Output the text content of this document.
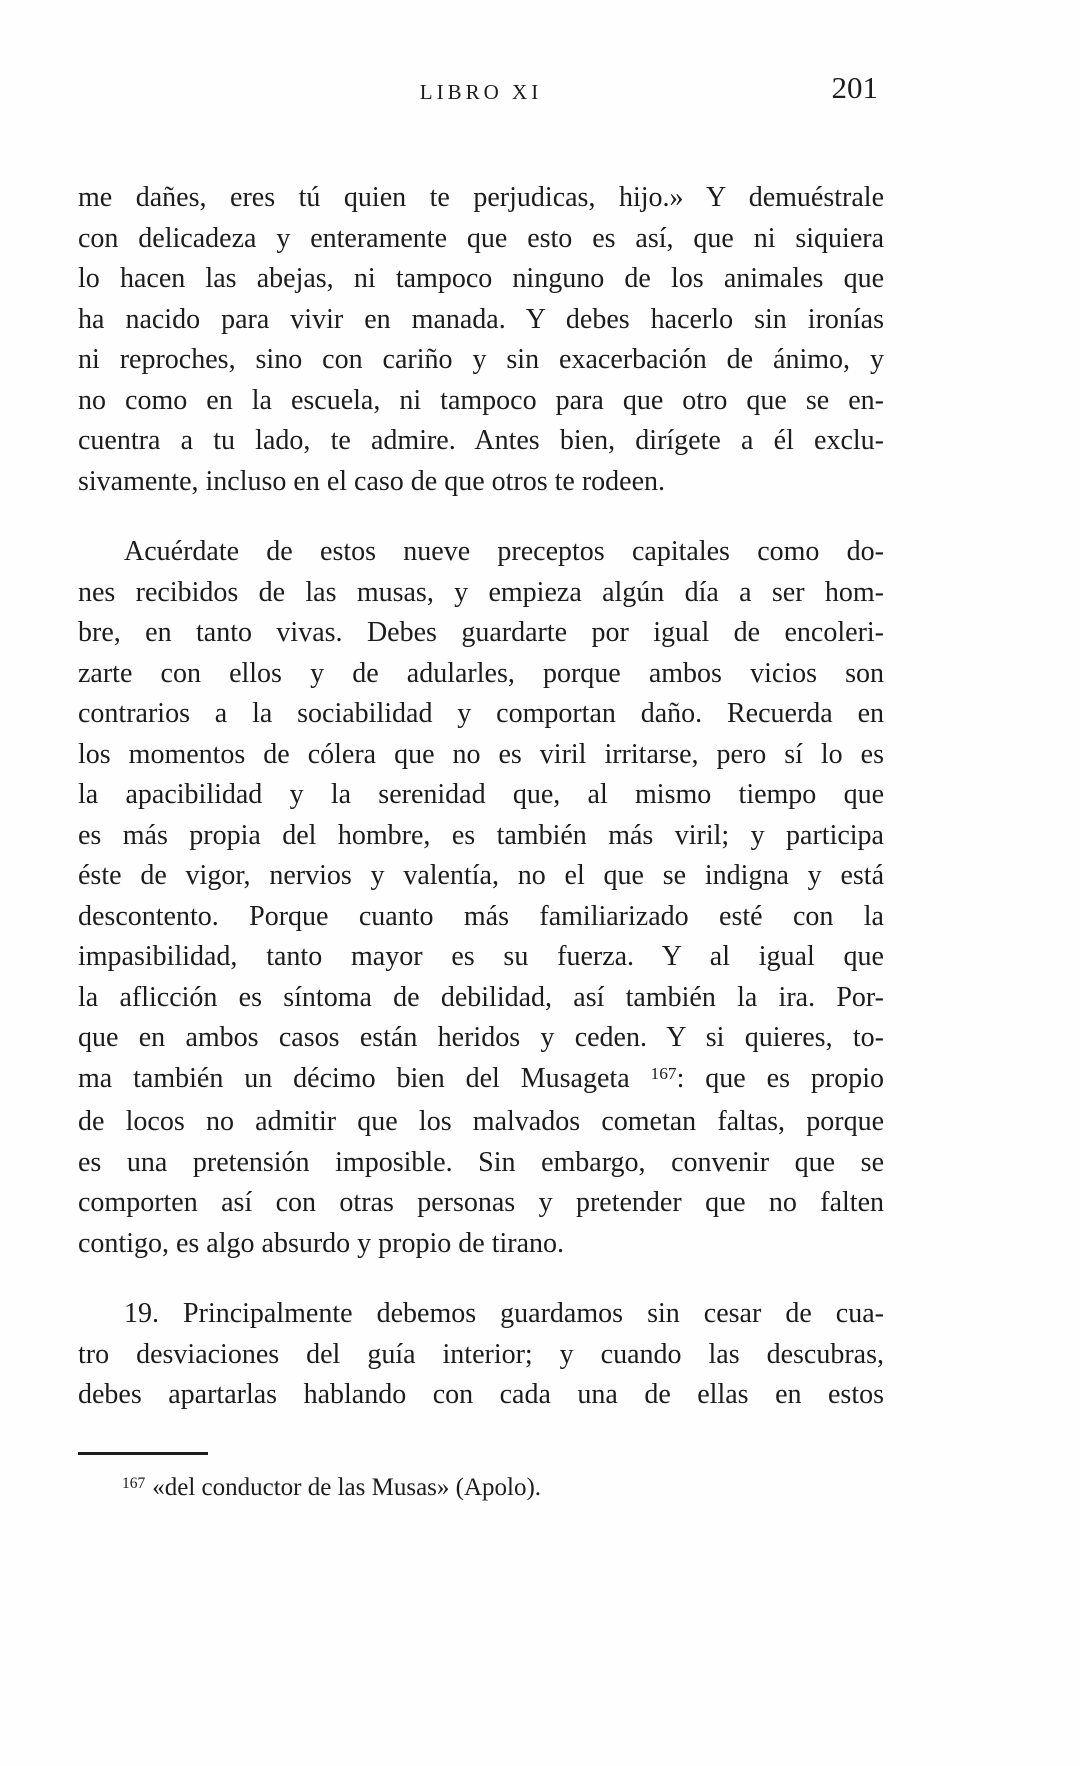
LIBRO XI	201
me dañes, eres tú quien te perjudicas, hijo.» Y demuéstrale
con delicadeza y enteramente que esto es así, que ni siquiera
lo hacen las abejas, ni tampoco ninguno de los animales que
ha nacido para vivir en manada. Y debes hacerlo sin ironías
ni reproches, sino con cariño y sin exacerbación de ánimo, y
no como en la escuela, ni tampoco para que otro que se en-
cuentra a tu lado, te admire. Antes bien, dirígete a él exclu-
sivamente, incluso en el caso de que otros te rodeen.
Acuérdate de estos nueve preceptos capitales como do-
nes recibidos de las musas, y empieza algún día a ser hom-
bre, en tanto vivas. Debes guardarte por igual de encoleri-
zarte con ellos y de adularles, porque ambos vicios son
contrarios a la sociabilidad y comportan daño. Recuerda en
los momentos de cólera que no es viril irritarse, pero sí lo es
la apacibilidad y la serenidad que, al mismo tiempo que
es más propia del hombre, es también más viril; y participa
éste de vigor, nervios y valentía, no el que se indigna y está
descontento. Porque cuanto más familiarizado esté con la
impasibilidad, tanto mayor es su fuerza. Y al igual que
la aflicción es síntoma de debilidad, así también la ira. Por-
que en ambos casos están heridos y ceden. Y si quieres, to-
ma también un décimo bien del Musageta $^{167}$: que es propio
de locos no admitir que los malvados cometan faltas, porque
es una pretensión imposible. Sin embargo, convenir que se
comporten así con otras personas y pretender que no falten
contigo, es algo absurdo y propio de tirano.
19. Principalmente debemos guardamos sin cesar de cua-
tro desviaciones del guía interior; y cuando las descubras,
debes apartarlas hablando con cada una de ellas en estos
$^{167}$ «del conductor de las Musas» (Apolo).
